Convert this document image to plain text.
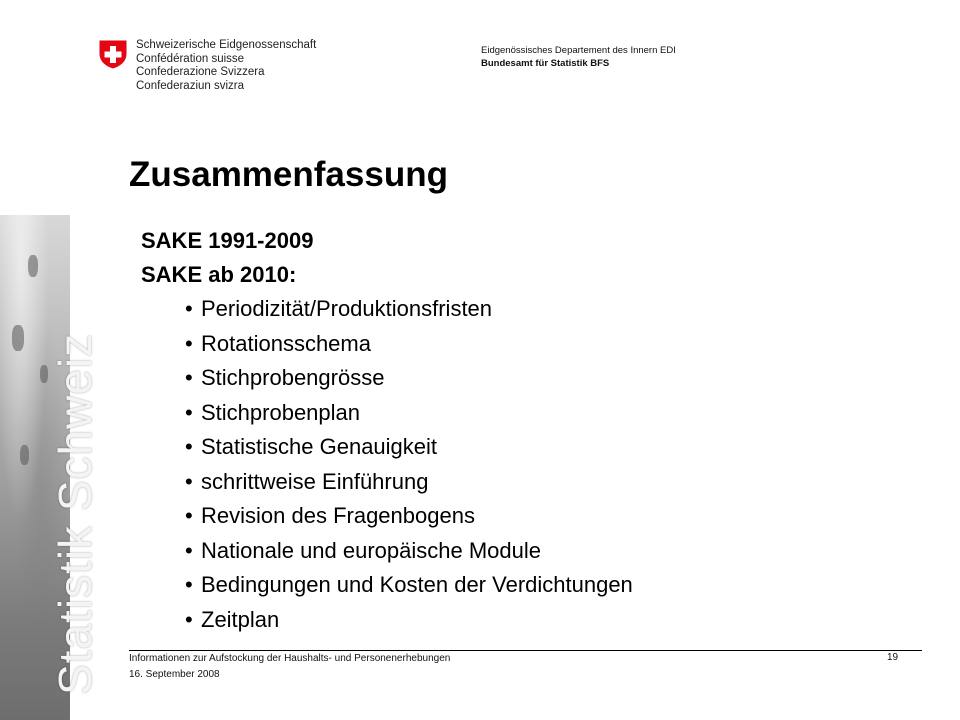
Statistik Schweiz
Schweizerische Eidgenossenschaft
Confédération suisse
Confederazione Svizzera
Confederaziun svizra
Eidgenössisches Departement des Innern EDI
Bundesamt für Statistik BFS
Zusammenfassung
SAKE 1991-2009
SAKE ab 2010:
• Periodizität/Produktionsfristen
• Rotationsschema
• Stichprobengrösse
• Stichprobenplan
• Statistische Genauigkeit
• schrittweise Einführung
• Revision des Fragenbogens
• Nationale und europäische Module
• Bedingungen und Kosten der Verdichtungen
• Zeitplan
Informationen zur Aufstockung der Haushalts- und Personenerhebungen	19
16. September 2008
